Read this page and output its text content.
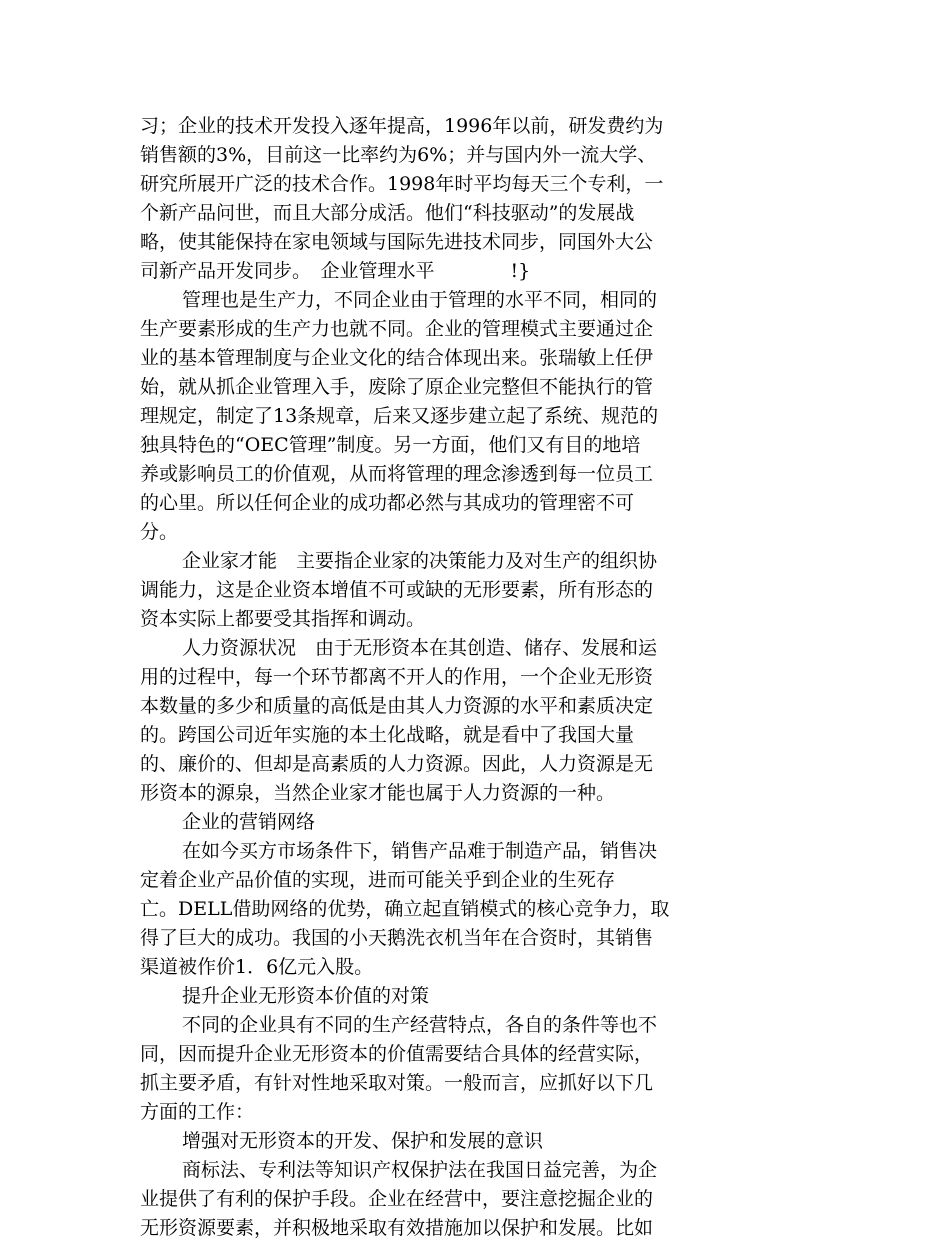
习；企业的技术开发投入逐年提高，1996年以前，研发费约为
销售额的3%，目前这一比率约为6%；并与国内外一流大学、
研究所展开广泛的技术合作。1998年时平均每天三个专利，一
个新产品问世，而且大部分成活。他们“科技驱动”的发展战
略，使其能保持在家电领域与国际先进技术同步，同国外大公
司新产品开发同步。　企业管理水平　　　　!}
管理也是生产力，不同企业由于管理的水平不同，相同的
生产要素形成的生产力也就不同。企业的管理模式主要通过企
业的基本管理制度与企业文化的结合体现出来。张瑞敏上任伊
始，就从抓企业管理入手，废除了原企业完整但不能执行的管
理规定，制定了13条规章，后来又逐步建立起了系统、规范的
独具特色的“OEC管理”制度。另一方面，他们又有目的地培
养或影响员工的价值观，从而将管理的理念渗透到每一位员工
的心里。所以任何企业的成功都必然与其成功的管理密不可
分。
企业家才能　主要指企业家的决策能力及对生产的组织协
调能力，这是企业资本增值不可或缺的无形要素，所有形态的
资本实际上都要受其指挥和调动。
人力资源状况　由于无形资本在其创造、储存、发展和运
用的过程中，每一个环节都离不开人的作用，一个企业无形资
本数量的多少和质量的高低是由其人力资源的水平和素质决定
的。跨国公司近年实施的本土化战略，就是看中了我国大量
的、廉价的、但却是高素质的人力资源。因此，人力资源是无
形资本的源泉，当然企业家才能也属于人力资源的一种。
企业的营销网络
在如今买方市场条件下，销售产品难于制造产品，销售决
定着企业产品价值的实现，进而可能关乎到企业的生死存
亡。DELL借助网络的优势，确立起直销模式的核心竞争力，取
得了巨大的成功。我国的小天鹅洗衣机当年在合资时，其销售
渠道被作价1．6亿元入股。
提升企业无形资本价值的对策
不同的企业具有不同的生产经营特点，各自的条件等也不
同，因而提升企业无形资本的价值需要结合具体的经营实际，
抓主要矛盾，有针对性地采取对策。一般而言，应抓好以下几
方面的工作：
增强对无形资本的开发、保护和发展的意识
商标法、专利法等知识产权保护法在我国日益完善，为企
业提供了有利的保护手段。企业在经营中，要注意挖掘企业的
无形资源要素，并积极地采取有效措施加以保护和发展。比如
